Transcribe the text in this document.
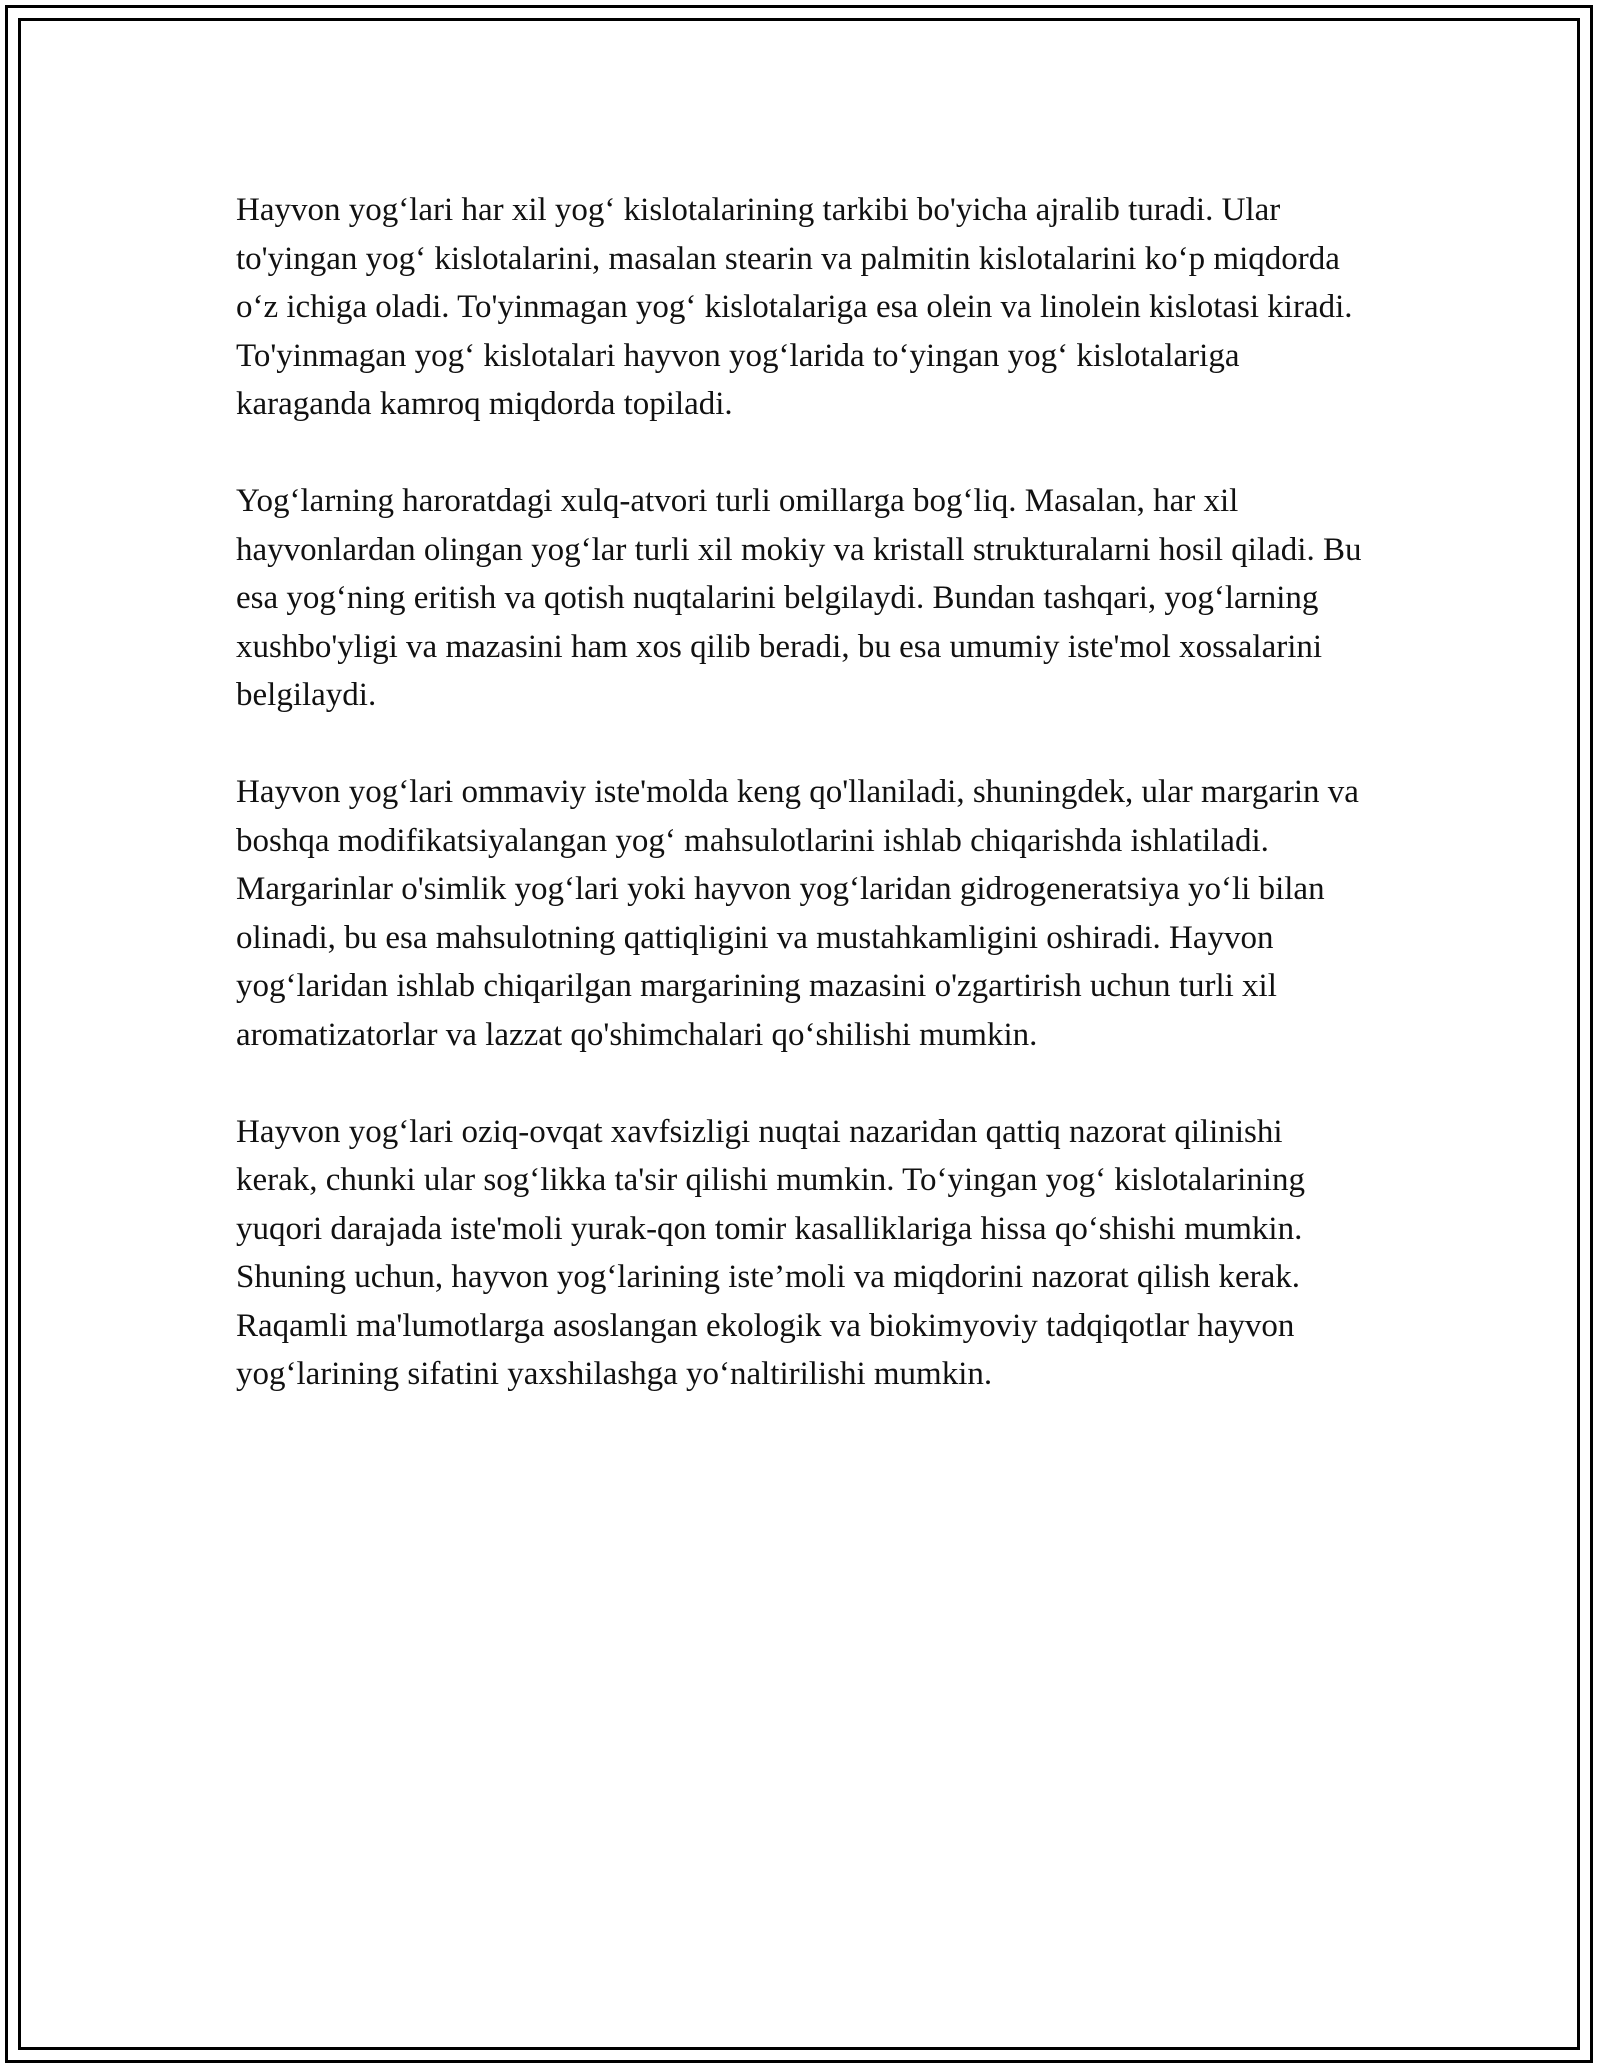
Hayvon yog‘lari har xil yog‘ kislotalarining tarkibi bo'yicha ajralib turadi. Ular to'yingan yog‘ kislotalarini, masalan stearin va palmitin kislotalarini ko‘p miqdorda o‘z ichiga oladi. To'yinmagan yog‘ kislotalariga esa olein va linolein kislotasi kiradi. To'yinmagan yog‘ kislotalari hayvon yog‘larida to‘yingan yog‘ kislotalariga karaganda kamroq miqdorda topiladi.

Yog‘larning haroratdagi xulq-atvori turli omillarga bog‘liq. Masalan, har xil hayvonlardan olingan yog‘lar turli xil mokiy va kristall strukturalarni hosil qiladi. Bu esa yog‘ning eritish va qotish nuqtalarini belgilaydi. Bundan tashqari, yog‘larning xushbo'yligi va mazasini ham xos qilib beradi, bu esa umumiy iste'mol xossalarini belgilaydi.

Hayvon yog‘lari ommaviy iste'molda keng qo'llaniladi, shuningdek, ular margarin va boshqa modifikatsiyalangan yog‘ mahsulotlarini ishlab chiqarishda ishlatiladi. Margarinlar o'simlik yog‘lari yoki hayvon yog‘laridan gidrogeneratsiya yo‘li bilan olinadi, bu esa mahsulotning qattiqligini va mustahkamligini oshiradi. Hayvon yog‘laridan ishlab chiqarilgan margarining mazasini o'zgartirish uchun turli xil aromatizatorlar va lazzat qo'shimchalari qo‘shilishi mumkin.

Hayvon yog‘lari oziq-ovqat xavfsizligi nuqtai nazaridan qattiq nazorat qilinishi kerak, chunki ular sog‘likka ta'sir qilishi mumkin. To‘yingan yog‘ kislotalarining yuqori darajada iste'moli yurak-qon tomir kasalliklariga hissa qo‘shishi mumkin. Shuning uchun, hayvon yog‘larining iste’moli va miqdorini nazorat qilish kerak. Raqamli ma'lumotlarga asoslangan ekologik va biokimyoviy tadqiqotlar hayvon yog‘larining sifatini yaxshilashga yo‘naltirilishi mumkin.
